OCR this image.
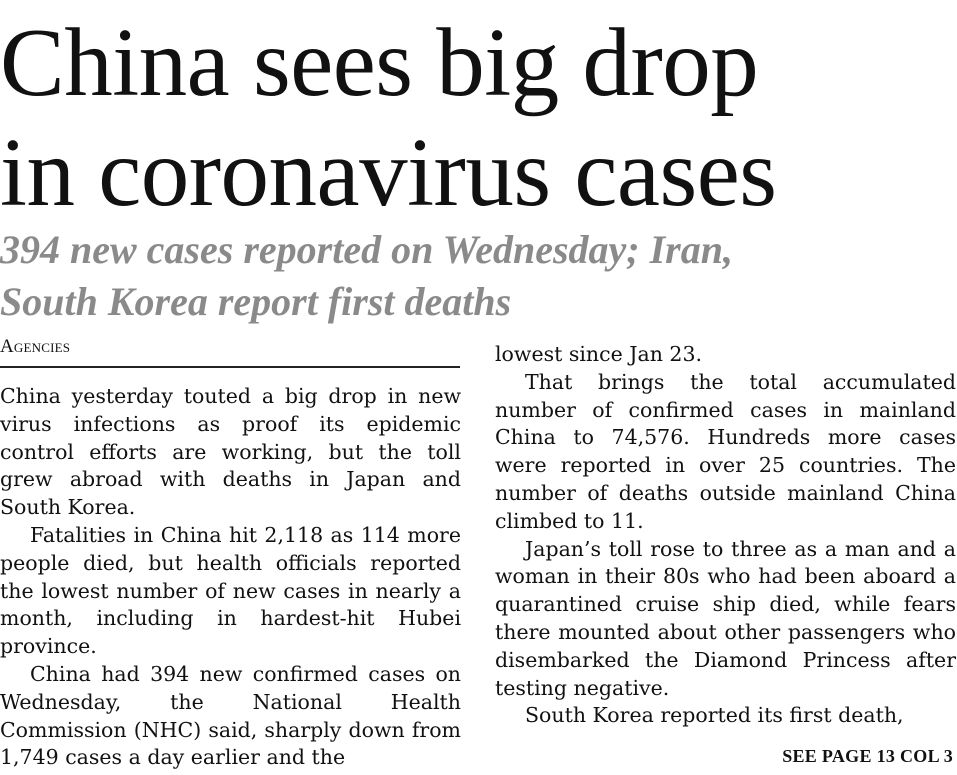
China sees big drop
in coronavirus cases
394 new cases reported on Wednesday; Iran,
South Korea report first deaths
Agencies

China yesterday touted a big drop in new virus infections as proof its epidemic control efforts are working, but the toll grew abroad with deaths in Japan and South Korea.

Fatalities in China hit 2,118 as 114 more people died, but health officials reported the lowest number of new cases in nearly a month, including in hardest-hit Hubei province.

China had 394 new confirmed cases on Wednesday, the National Health Commission (NHC) said, sharply down from 1,749 cases a day earlier and the

lowest since Jan 23.

That brings the total accumulated number of confirmed cases in mainland China to 74,576. Hundreds more cases were reported in over 25 countries. The number of deaths outside mainland China climbed to 11.

Japan’s toll rose to three as a man and a woman in their 80s who had been aboard a quarantined cruise ship died, while fears there mounted about other passengers who disembarked the Diamond Princess after testing negative.

South Korea reported its first death,

SEE PAGE 13 COL 3
